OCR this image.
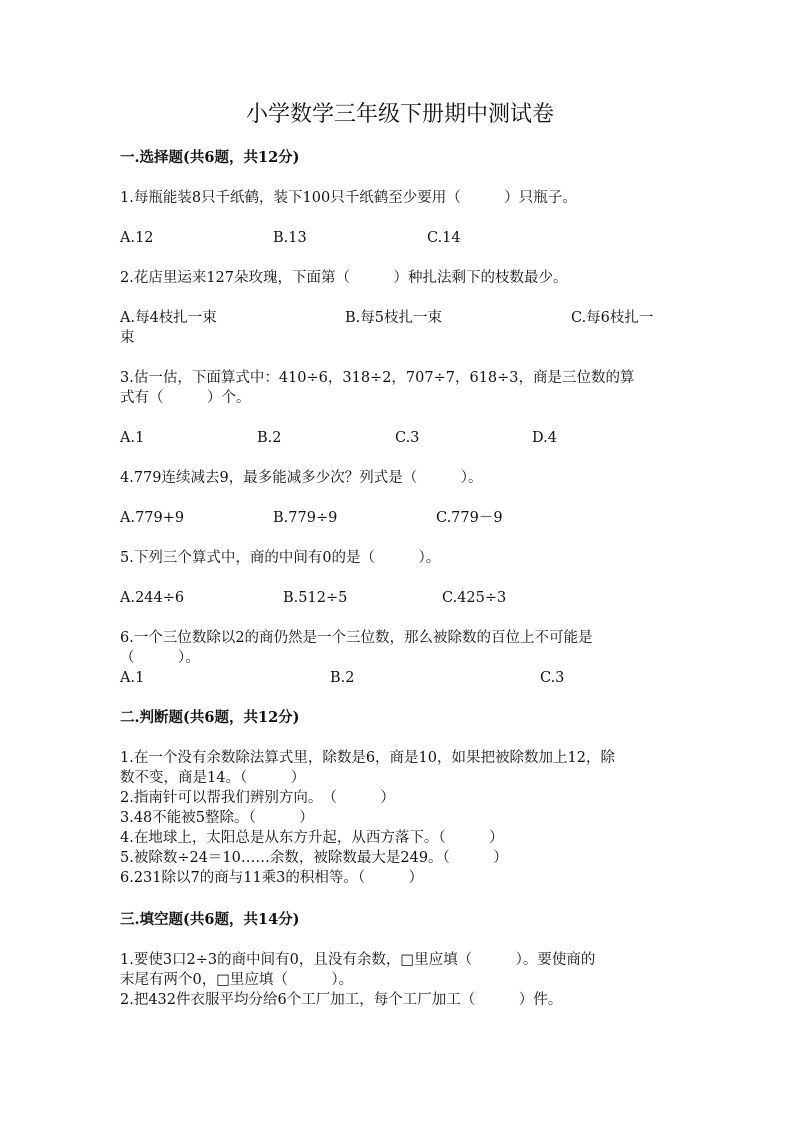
小学数学三年级下册期中测试卷
一.选择题(共6题，共12分)
1.每瓶能装8只千纸鹤，装下100只千纸鹤至少要用（　　　）只瓶子。
A.12	B.13	C.14
2.花店里运来127朵玫瑰，下面第（　　　）种扎法剩下的枝数最少。
A.每4枝扎一束	B.每5枝扎一束	C.每6枝扎一
束
3.估一估，下面算式中：410÷6，318÷2，707÷7，618÷3，商是三位数的算
式有（　　　）个。
A.1	B.2	C.3	D.4
4.779连续减去9，最多能减多少次？列式是（　　　）。
A.779+9	B.779÷9	C.779－9
5.下列三个算式中，商的中间有0的是（　　　）。
A.244÷6	B.512÷5	C.425÷3
6.一个三位数除以2的商仍然是一个三位数，那么被除数的百位上不可能是
（　　　）。
A.1	B.2	C.3
二.判断题(共6题，共12分)
1.在一个没有余数除法算式里，除数是6，商是10，如果把被除数加上12，除
数不变，商是14。（　　　）
2.指南针可以帮我们辨别方向。　（　　　）
3.48不能被5整除。（　　　）
4.在地球上，太阳总是从东方升起，从西方落下。（　　　）
5.被除数÷24＝10……余数，被除数最大是249。（　　　）
6.231除以7的商与11乘3的积相等。（　　　）
三.填空题(共6题，共14分)
1.要使3口2÷3的商中间有0，且没有余数，□里应填（　　　）。要使商的
末尾有两个0，□里应填（　　　）。
2.把432件衣服平均分给6个工厂加工，每个工厂加工（　　　）件。
